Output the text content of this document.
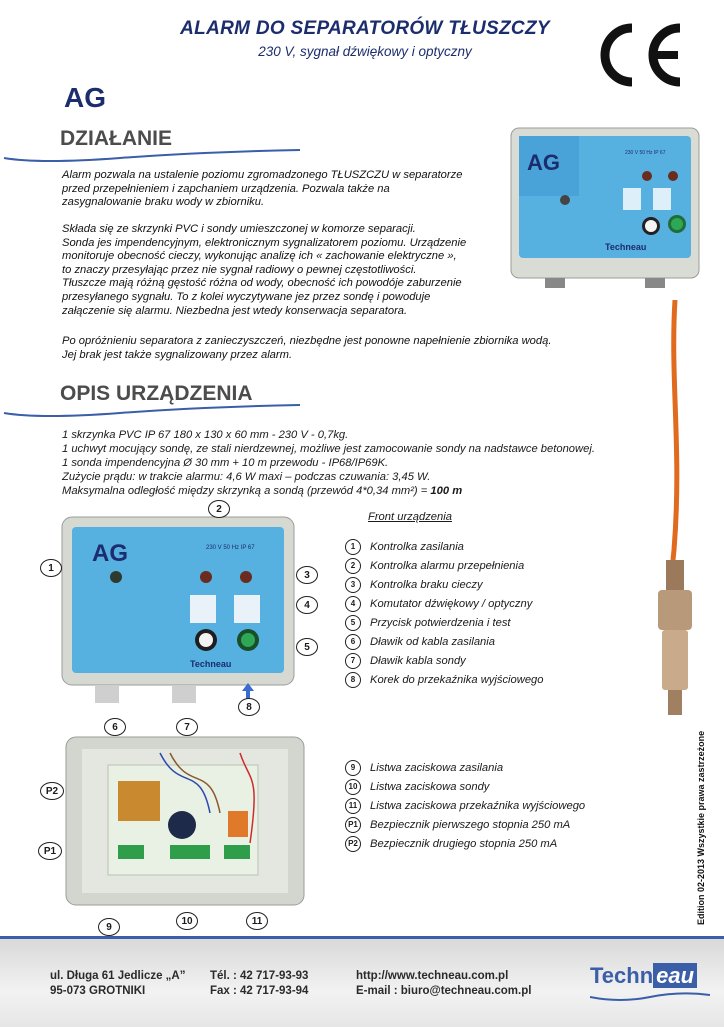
ALARM DO SEPARATORÓW TŁUSZCZY
230 V, sygnał dźwiękowy i optyczny
AG
DZIAŁANIE
Alarm pozwala na ustalenie poziomu zgromadzonego TŁUSZCZU w separatorze
przed przepełnieniem i zapchaniem urządzenia. Pozwala także na
zasygnalowanie braku wody w zbiorniku.
Składa się ze skrzynki PVC i sondy umieszczonej w komorze separacji.
Sonda jes impendencyjnym, elektronicznym sygnalizatorem poziomu. Urządzenie
monitoruje obecność cieczy, wykonując analizę ich « zachowanie elektryczne »,
to znaczy przesyłając przez nie sygnał radiowy o pewnej częstotliwości.
Tłuszcze mają różną gęstość różna od wody, obecność ich powodóje zaburzenie
przesyłanego sygnału. To z kolei wyczytywane jez przez sondę i powoduje
załączenie się alarmu. Niezbedna jest wtedy konserwacja separatora.
Po opróżnieniu separatora z zanieczyszczeń, niezbędne jest ponowne napełnienie zbiornika wodą.
Jej brak jest także sygnalizowany przez alarm.
AG	230 V 50 Hz IP 67
Techneau
OPIS URZĄDZENIA
1 skrzynka PVC IP 67 180 x 130 x 60 mm - 230 V - 0,7kg.
1 uchwyt mocujący sondę, ze stali nierdzewnej, możliwe jest zamocowanie sondy na nadstawce betonowej.
1 sonda impendencyjna Ø 30 mm + 10 m przewodu - IP68/IP69K.
Zużycie prądu: w trakcie alarmu: 4,6 W maxi – podczas czuwania: 3,45 W.
Maksymalna odległość między skrzynką a sondą (przewód 4*0,34 mm²) = 100 m
AG	230 V 50 Hz IP 67
Techneau
1
2
3
4
5
6	7
8
Front urządzenia
1	Kontrolka zasilania
2	Kontrolka alarmu przepełnienia
3	Kontrolka braku cieczy
4	Komutator dźwiękowy / optyczny
5	Przycisk potwierdzenia i test
6	Dławik od kabla zasilania
7	Dławik kabla sondy
8	Korek do przekaźnika wyjściowego
P2
P1
9
10	11
9	Listwa zaciskowa zasilania
10	Listwa zaciskowa sondy
11	Listwa zaciskowa przekaźnika wyjściowego
P1 Bezpiecznik pierwszego stopnia 250 mA
P2 Bezpiecznik drugiego stopnia 250 mA	Edition 02-2013 Wszystkie prawa zastrzeżone
ul. Długa 61 Jedlicze „A”
95-073 GROTNIKI
Tél. : 42 717-93-93
Fax : 42 717-93-94
http://www.techneau.com.pl
E-mail : biuro@techneau.com.pl
Techn eau
